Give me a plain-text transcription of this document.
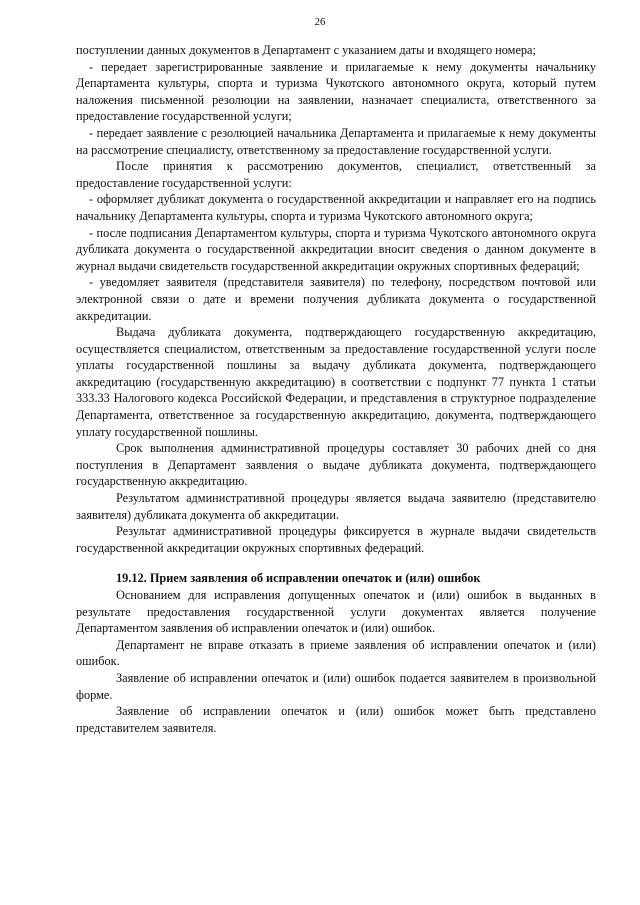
26

поступлении данных документов в Департамент с указанием даты и входящего номера;

- передает зарегистрированные заявление и прилагаемые к нему документы начальнику Департамента культуры, спорта и туризма Чукотского автономного округа, который путем наложения письменной резолюции на заявлении, назначает специалиста, ответственного за предоставление государственной услуги;

- передает заявление с резолюцией начальника Департамента и прилагаемые к нему документы на рассмотрение специалисту, ответственному за предоставление государственной услуги.

После принятия к рассмотрению документов, специалист, ответственный за предоставление государственной услуги:

- оформляет дубликат документа о государственной аккредитации и направляет его на подпись начальнику Департамента культуры, спорта и туризма Чукотского автономного округа;

- после подписания Департаментом культуры, спорта и туризма Чукотского автономного округа дубликата документа о государственной аккредитации вносит сведения о данном документе в журнал выдачи свидетельств государственной аккредитации окружных спортивных федераций;

- уведомляет заявителя (представителя заявителя) по телефону, посредством почтовой или электронной связи о дате и времени получения дубликата документа о государственной аккредитации.

Выдача дубликата документа, подтверждающего государственную аккредитацию, осуществляется специалистом, ответственным за предоставление государственной услуги после уплаты государственной пошлины за выдачу дубликата документа, подтверждающего аккредитацию (государственную аккредитацию) в соответствии с подпункт 77 пункта 1 статьи 333.33 Налогового кодекса Российской Федерации, и представления в структурное подразделение Департамента, ответственное за государственную аккредитацию, документа, подтверждающего уплату государственной пошлины.

Срок выполнения административной процедуры составляет 30 рабочих дней со дня поступления в Департамент заявления о выдаче дубликата документа, подтверждающего государственную аккредитацию.

Результатом административной процедуры является выдача заявителю (представителю заявителя) дубликата документа об аккредитации.

Результат административной процедуры фиксируется в журнале выдачи свидетельств государственной аккредитации окружных спортивных федераций.

19.12. Прием заявления об исправлении опечаток и (или) ошибок

Основанием для исправления допущенных опечаток и (или) ошибок в выданных в результате предоставления государственной услуги документах является получение Департаментом заявления об исправлении опечаток и (или) ошибок.

Департамент не вправе отказать в приеме заявления об исправлении опечаток и (или) ошибок.

Заявление об исправлении опечаток и (или) ошибок подается заявителем в произвольной форме.

Заявление об исправлении опечаток и (или) ошибок может быть представлено представителем заявителя.
